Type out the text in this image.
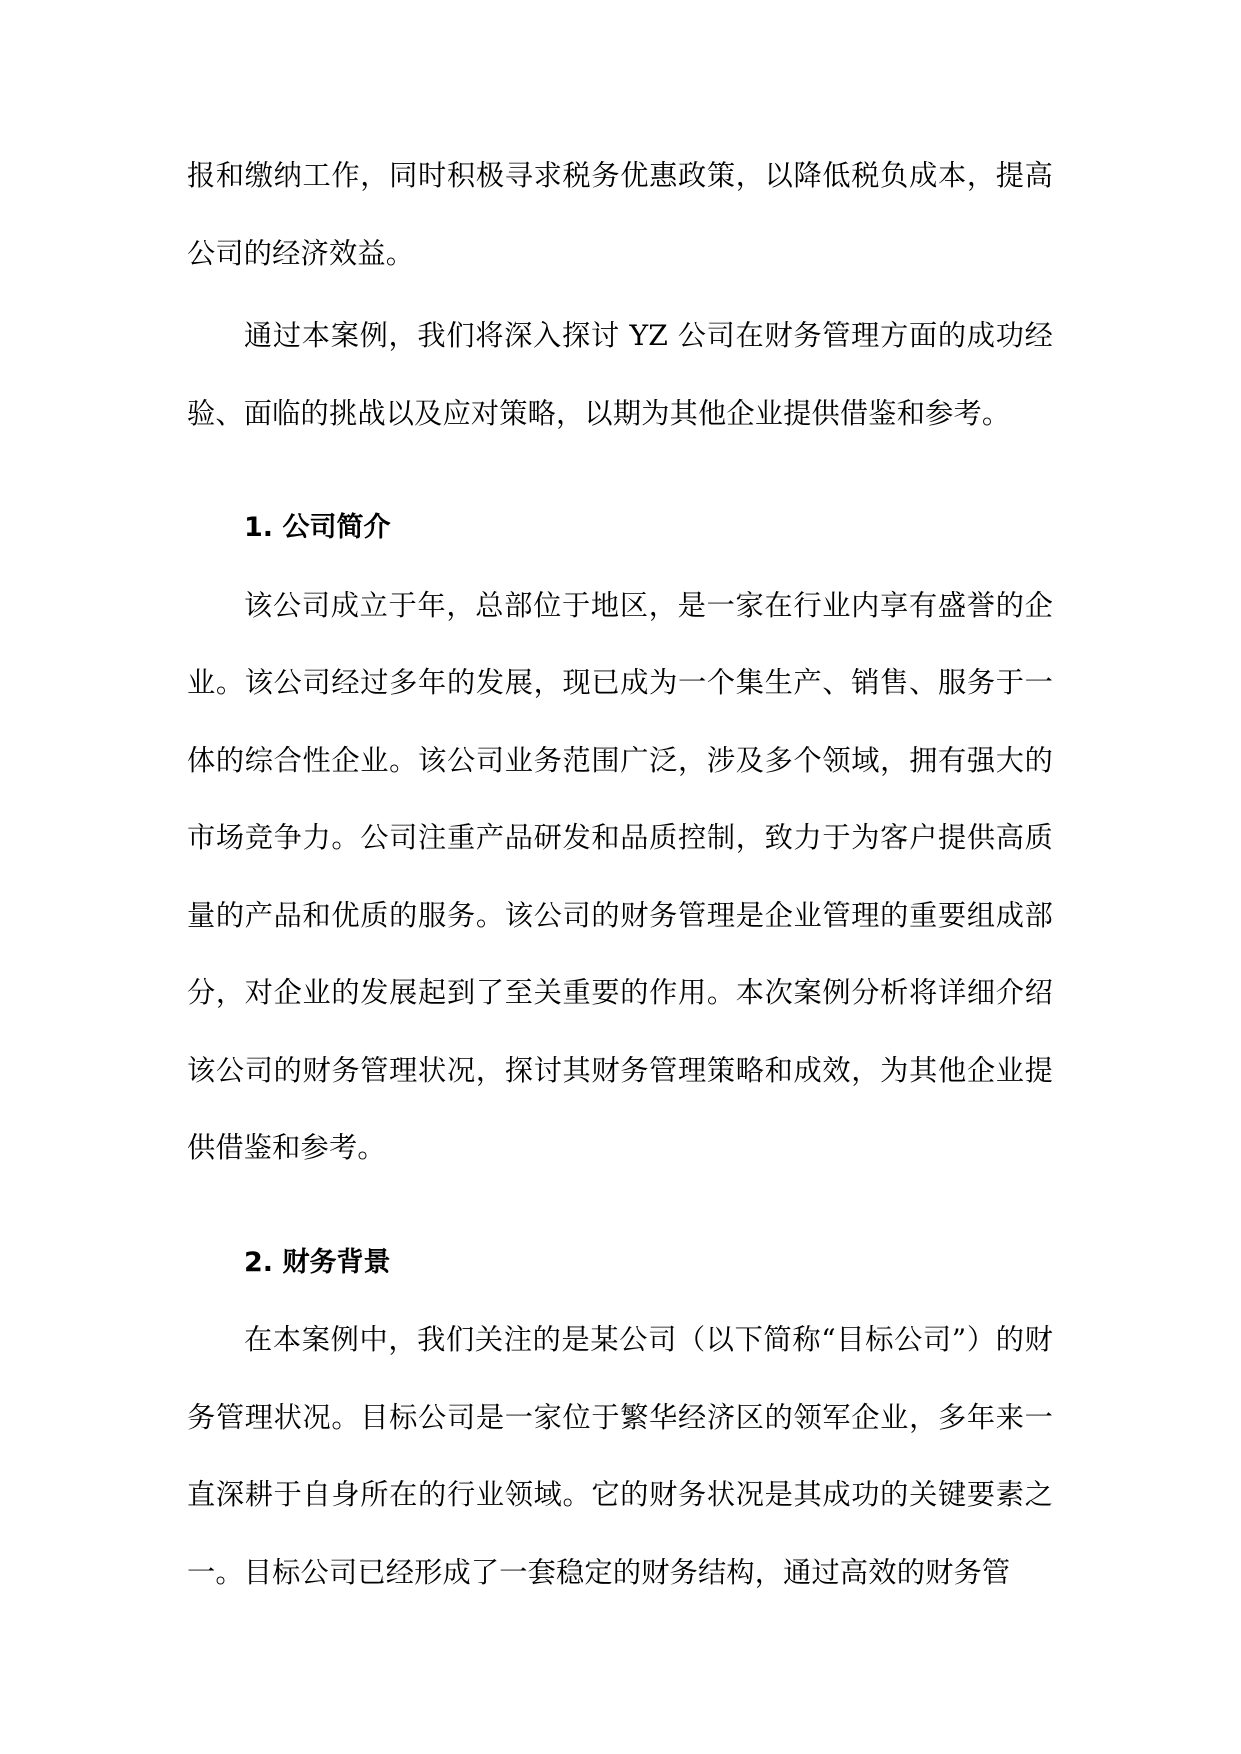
报和缴纳工作，同时积极寻求税务优惠政策，以降低税负成本，提高公司的经济效益。

通过本案例，我们将深入探讨 YZ 公司在财务管理方面的成功经验、面临的挑战以及应对策略，以期为其他企业提供借鉴和参考。

1. 公司简介

该公司成立于年，总部位于地区，是一家在行业内享有盛誉的企业。该公司经过多年的发展，现已成为一个集生产、销售、服务于一体的综合性企业。该公司业务范围广泛，涉及多个领域，拥有强大的市场竞争力。公司注重产品研发和品质控制，致力于为客户提供高质量的产品和优质的服务。该公司的财务管理是企业管理的重要组成部分，对企业的发展起到了至关重要的作用。本次案例分析将详细介绍该公司的财务管理状况，探讨其财务管理策略和成效，为其他企业提供借鉴和参考。

2. 财务背景

在本案例中，我们关注的是某公司（以下简称“目标公司”）的财务管理状况。目标公司是一家位于繁华经济区的领军企业，多年来一直深耕于自身所在的行业领域。它的财务状况是其成功的关键要素之一。目标公司已经形成了一套稳定的财务结构，通过高效的财务管
